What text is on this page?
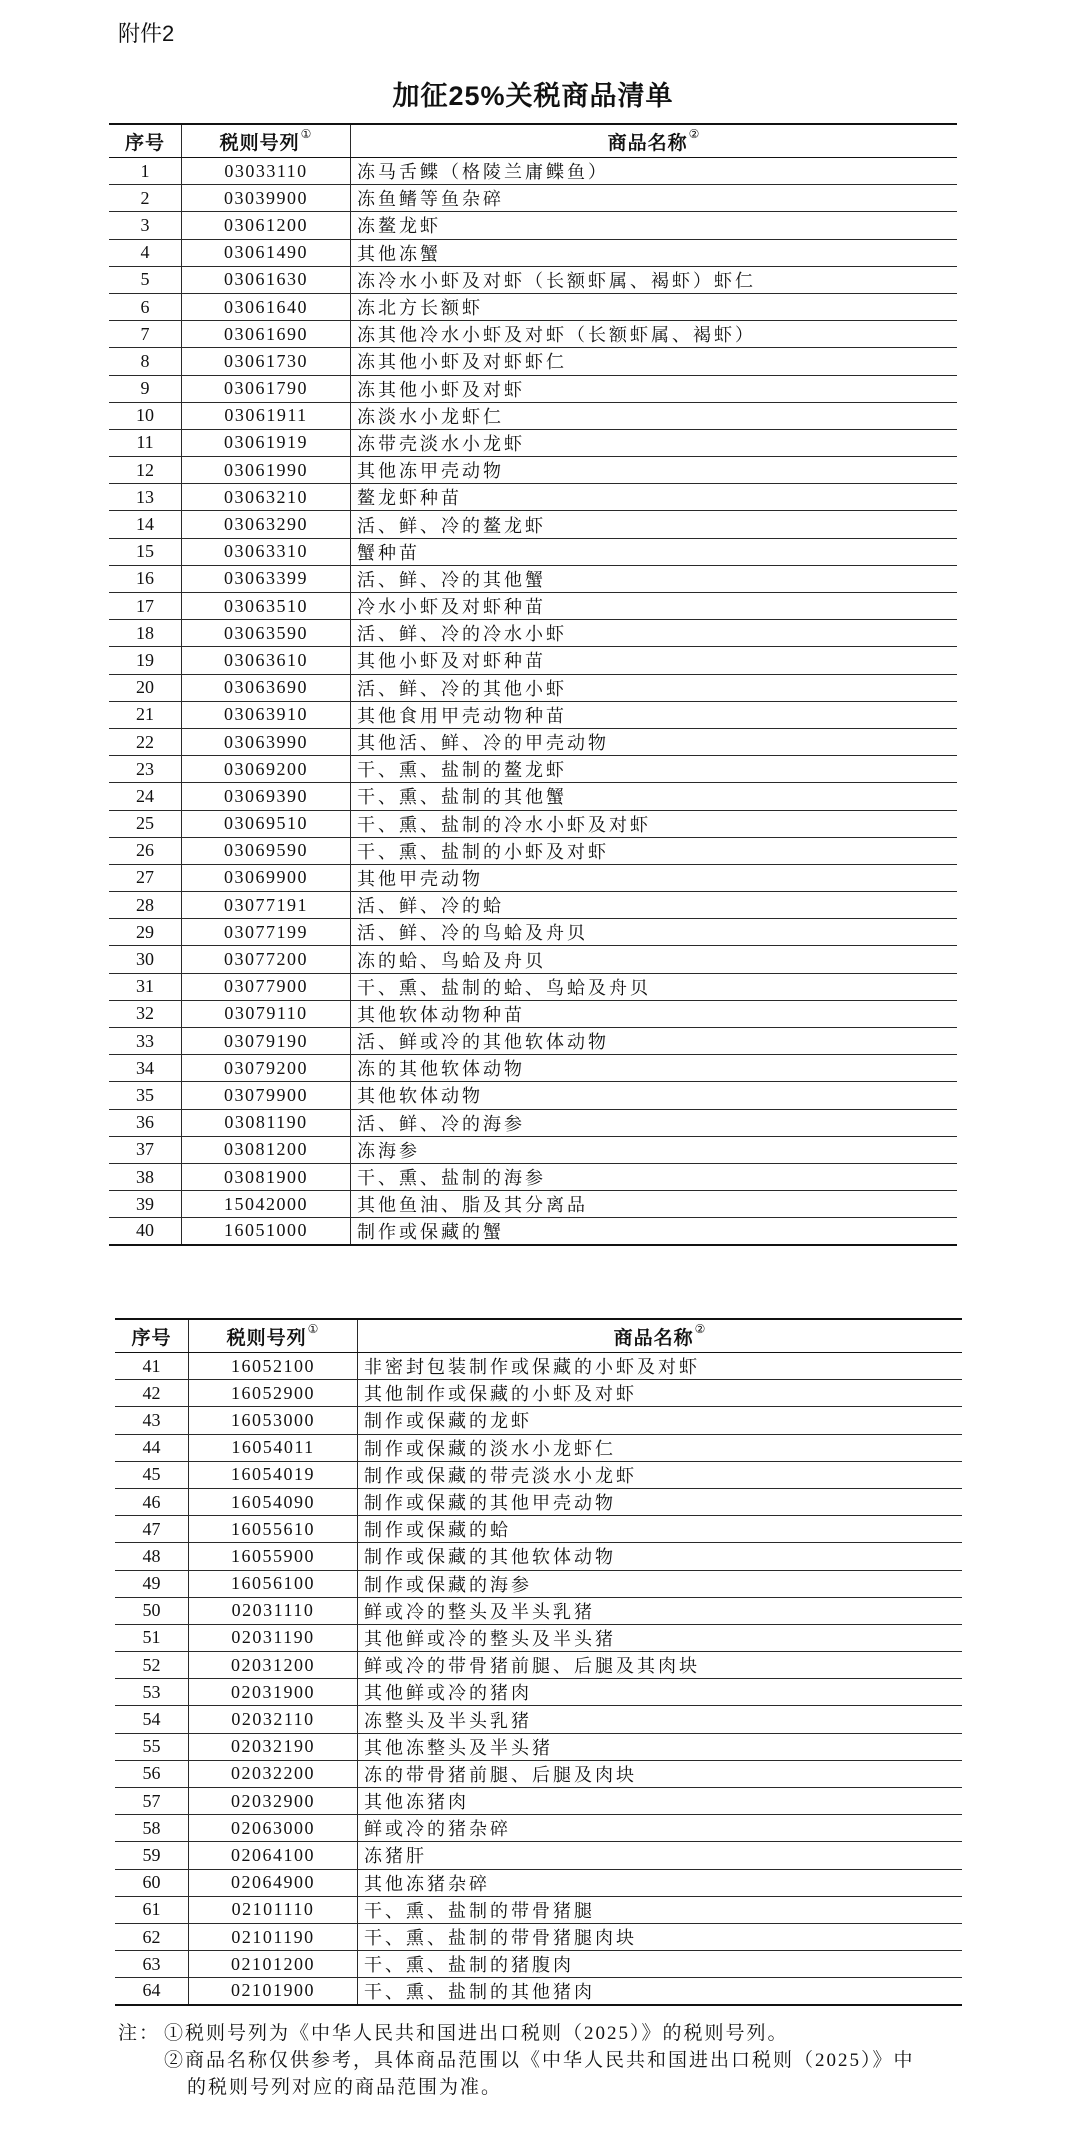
附件2
加征25%关税商品清单
序号	税则号列 ①	商品名称 ②
1	03033110	冻马舌鲽（格陵兰庸鲽鱼）
2	03039900	冻鱼鳍等鱼杂碎
3	03061200	冻鳌龙虾
4	03061490	其他冻蟹
5	03061630	冻冷水小虾及对虾（长额虾属、褐虾）虾仁
6	03061640	冻北方长额虾
7	03061690	冻其他冷水小虾及对虾（长额虾属、褐虾）
8	03061730	冻其他小虾及对虾虾仁
9	03061790	冻其他小虾及对虾
10	03061911	冻淡水小龙虾仁
11	03061919	冻带壳淡水小龙虾
12	03061990	其他冻甲壳动物
13	03063210	鳌龙虾种苗
14	03063290	活、鲜、冷的鳌龙虾
15	03063310	蟹种苗
16	03063399	活、鲜、冷的其他蟹
17	03063510	冷水小虾及对虾种苗
18	03063590	活、鲜、冷的冷水小虾
19	03063610	其他小虾及对虾种苗
20	03063690	活、鲜、冷的其他小虾
21	03063910	其他食用甲壳动物种苗
22	03063990	其他活、鲜、冷的甲壳动物
23	03069200	干、熏、盐制的鳌龙虾
24	03069390	干、熏、盐制的其他蟹
25	03069510	干、熏、盐制的冷水小虾及对虾
26	03069590	干、熏、盐制的小虾及对虾
27	03069900	其他甲壳动物
28	03077191	活、鲜、冷的蛤
29	03077199	活、鲜、冷的鸟蛤及舟贝
30	03077200	冻的蛤、鸟蛤及舟贝
31	03077900	干、熏、盐制的蛤、鸟蛤及舟贝
32	03079110	其他软体动物种苗
33	03079190	活、鲜或冷的其他软体动物
34	03079200	冻的其他软体动物
35	03079900	其他软体动物
36	03081190	活、鲜、冷的海参
37	03081200	冻海参
38	03081900	干、熏、盐制的海参
39	15042000	其他鱼油、脂及其分离品
40	16051000	制作或保藏的蟹
序号	税则号列 ①	商品名称 ②
41	16052100	非密封包装制作或保藏的小虾及对虾
42	16052900	其他制作或保藏的小虾及对虾
43	16053000	制作或保藏的龙虾
44	16054011	制作或保藏的淡水小龙虾仁
45	16054019	制作或保藏的带壳淡水小龙虾
46	16054090	制作或保藏的其他甲壳动物
47	16055610	制作或保藏的蛤
48	16055900	制作或保藏的其他软体动物
49	16056100	制作或保藏的海参
50	02031110	鲜或冷的整头及半头乳猪
51	02031190	其他鲜或冷的整头及半头猪
52	02031200	鲜或冷的带骨猪前腿、后腿及其肉块
53	02031900	其他鲜或冷的猪肉
54	02032110	冻整头及半头乳猪
55	02032190	其他冻整头及半头猪
56	02032200	冻的带骨猪前腿、后腿及肉块
57	02032900	其他冻猪肉
58	02063000	鲜或冷的猪杂碎
59	02064100	冻猪肝
60	02064900	其他冻猪杂碎
61	02101110	干、熏、盐制的带骨猪腿
62	02101190	干、熏、盐制的带骨猪腿肉块
63	02101200	干、熏、盐制的猪腹肉
64	02101900	干、熏、盐制的其他猪肉
注： ①税则号列为《中华人民共和国进出口税则（2025）》的税则号列。
②商品名称仅供参考，具体商品范围以《中华人民共和国进出口税则（2025）》中
的税则号列对应的商品范围为准。
